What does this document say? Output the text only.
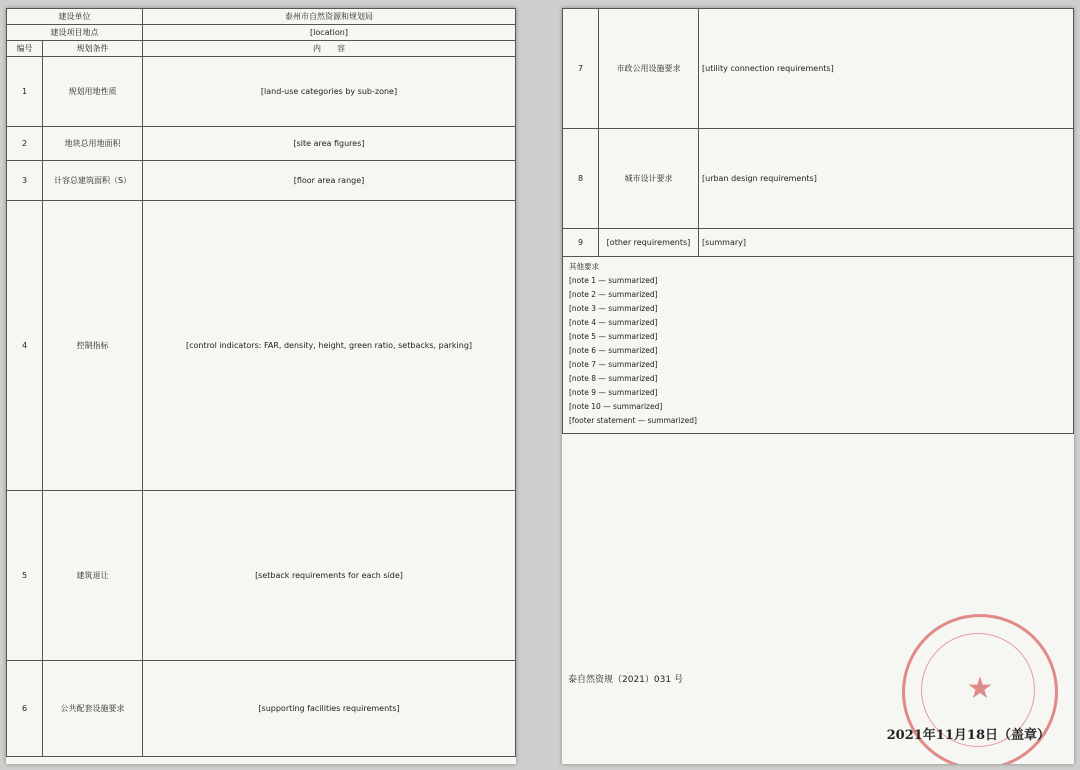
建设单位		泰州市自然资源和规划局
建设项目地点		[location]
编号	规划条件	内　　容
1	规划用地性质	[land-use categories by sub-zone]
2	地块总用地面积	[site area figures]
3	计容总建筑面积（S）	[floor area range]
4	控制指标	[control indicators: FAR, density, height, green ratio, setbacks, parking]
5	建筑退让	[setback requirements for each side]
6	公共配套设施要求	[supporting facilities requirements]
7	市政公用设施要求	[utility connection requirements]
8	城市设计要求	[urban design requirements]
9	[other requirements]	[summary]

其他要求

[note 1 — summarized]

[note 2 — summarized]

[note 3 — summarized]

[note 4 — summarized]

[note 5 — summarized]

[note 6 — summarized]

[note 7 — summarized]

[note 8 — summarized]

[note 9 — summarized]

[note 10 — summarized]

[footer statement — summarized]

泰自然资规（2021）031 号	★
2021年11月18日（盖章）
